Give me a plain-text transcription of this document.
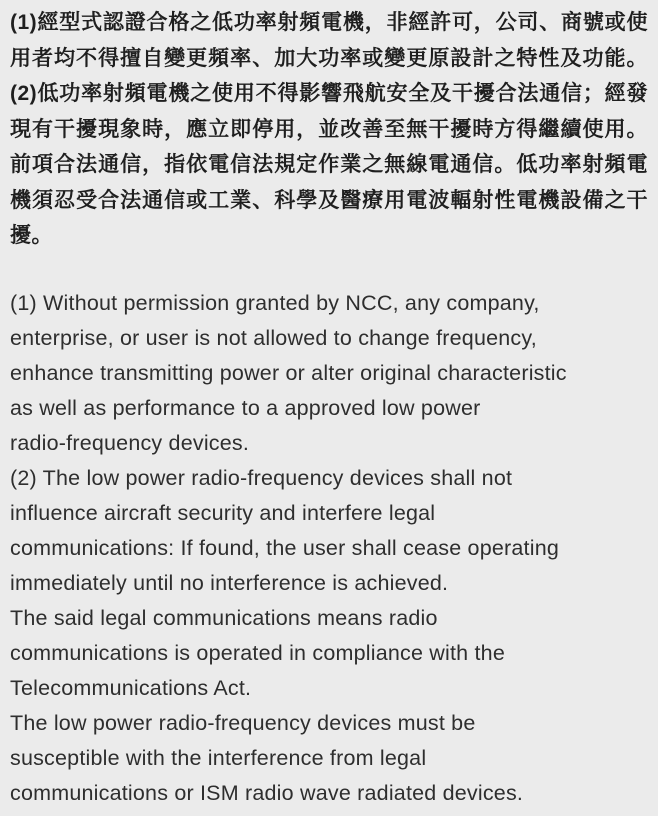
(1)經型式認證合格之低功率射頻電機，非經許可，公司、商號或使
用者均不得擅自變更頻率、加大功率或變更原設計之特性及功能。
(2)低功率射頻電機之使用不得影響飛航安全及干擾合法通信；經發
現有干擾現象時，應立即停用，並改善至無干擾時方得繼續使用。
前項合法通信，指依電信法規定作業之無線電通信。低功率射頻電
機須忍受合法通信或工業、科學及醫療用電波輻射性電機設備之干
擾。
(1) Without permission granted by NCC, any company,
enterprise, or user is not allowed to change frequency,
enhance transmitting power or alter original characteristic
as well as performance to a approved low power
radio-frequency devices.
(2) The low power radio-frequency devices shall not
influence aircraft security and interfere legal
communications: If found, the user shall cease operating
immediately until no interference is achieved.
The said legal communications means radio
communications is operated in compliance with the
Telecommunications Act.
The low power radio-frequency devices must be
susceptible with the interference from legal
communications or ISM radio wave radiated devices.
